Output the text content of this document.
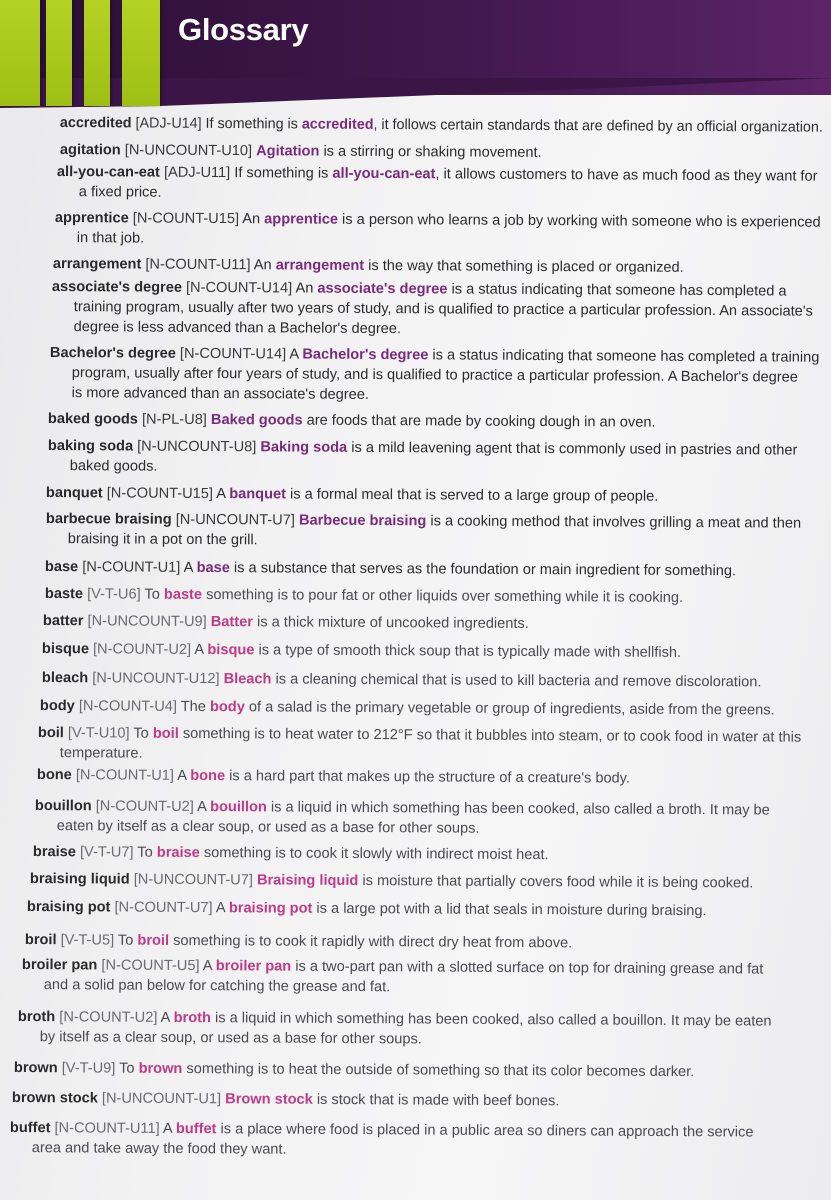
Glossary
accredited [ADJ-U14] If something is accredited, it follows certain standards that are defined by an official organization.
agitation [N-UNCOUNT-U10] Agitation is a stirring or shaking movement.
all-you-can-eat [ADJ-U11] If something is all-you-can-eat, it allows customers to have as much food as they want for
a fixed price.
apprentice [N-COUNT-U15] An apprentice is a person who learns a job by working with someone who is experienced
in that job.
arrangement [N-COUNT-U11] An arrangement is the way that something is placed or organized.
associate's degree [N-COUNT-U14] An associate's degree is a status indicating that someone has completed a
training program, usually after two years of study, and is qualified to practice a particular profession. An associate's
degree is less advanced than a Bachelor's degree.
Bachelor's degree [N-COUNT-U14] A Bachelor's degree is a status indicating that someone has completed a training
program, usually after four years of study, and is qualified to practice a particular profession. A Bachelor's degree
is more advanced than an associate's degree.
baked goods [N-PL-U8] Baked goods are foods that are made by cooking dough in an oven.
baking soda [N-UNCOUNT-U8] Baking soda is a mild leavening agent that is commonly used in pastries and other
baked goods.
banquet [N-COUNT-U15] A banquet is a formal meal that is served to a large group of people.
barbecue braising [N-UNCOUNT-U7] Barbecue braising is a cooking method that involves grilling a meat and then
braising it in a pot on the grill.
base [N-COUNT-U1] A base is a substance that serves as the foundation or main ingredient for something.
baste [V-T-U6] To baste something is to pour fat or other liquids over something while it is cooking.
batter [N-UNCOUNT-U9] Batter is a thick mixture of uncooked ingredients.
bisque [N-COUNT-U2] A bisque is a type of smooth thick soup that is typically made with shellfish.
bleach [N-UNCOUNT-U12] Bleach is a cleaning chemical that is used to kill bacteria and remove discoloration.
body [N-COUNT-U4] The body of a salad is the primary vegetable or group of ingredients, aside from the greens.
boil [V-T-U10] To boil something is to heat water to 212°F so that it bubbles into steam, or to cook food in water at this
temperature.
bone [N-COUNT-U1] A bone is a hard part that makes up the structure of a creature's body.
bouillon [N-COUNT-U2] A bouillon is a liquid in which something has been cooked, also called a broth. It may be
eaten by itself as a clear soup, or used as a base for other soups.
braise [V-T-U7] To braise something is to cook it slowly with indirect moist heat.
braising liquid [N-UNCOUNT-U7] Braising liquid is moisture that partially covers food while it is being cooked.
braising pot [N-COUNT-U7] A braising pot is a large pot with a lid that seals in moisture during braising.
broil [V-T-U5] To broil something is to cook it rapidly with direct dry heat from above.
broiler pan [N-COUNT-U5] A broiler pan is a two-part pan with a slotted surface on top for draining grease and fat
and a solid pan below for catching the grease and fat.
broth [N-COUNT-U2] A broth is a liquid in which something has been cooked, also called a bouillon. It may be eaten
by itself as a clear soup, or used as a base for other soups.
brown [V-T-U9] To brown something is to heat the outside of something so that its color becomes darker.
brown stock [N-UNCOUNT-U1] Brown stock is stock that is made with beef bones.
buffet [N-COUNT-U11] A buffet is a place where food is placed in a public area so diners can approach the service
area and take away the food they want.
